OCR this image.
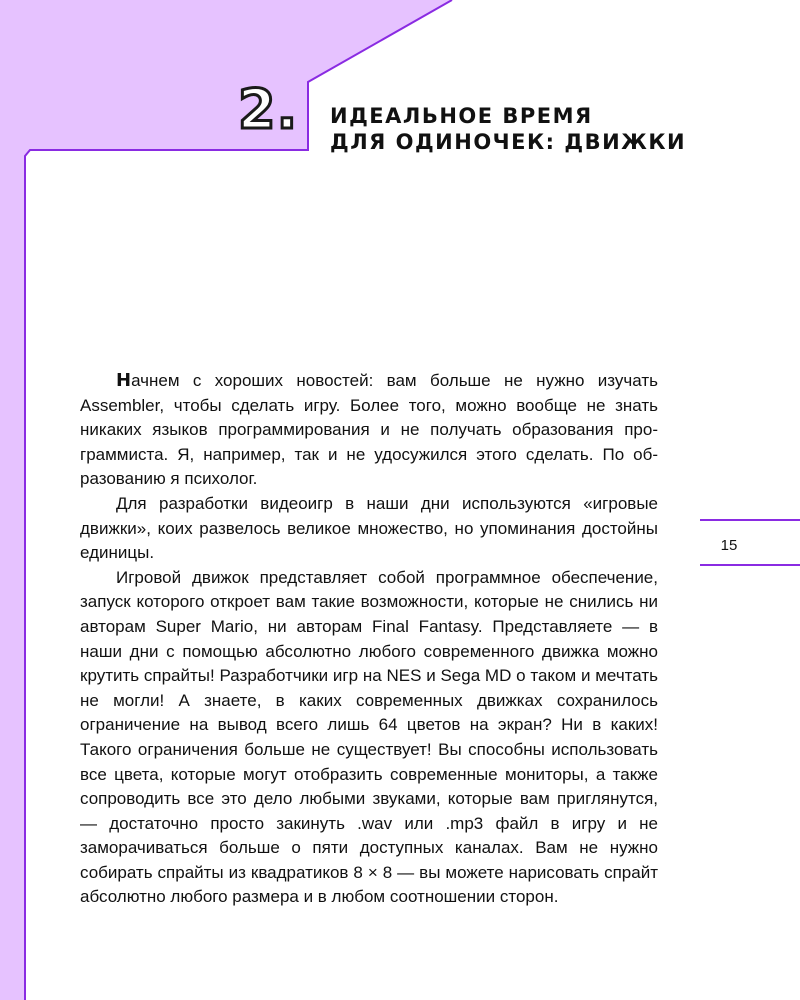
2. ИДЕАЛЬНОЕ ВРЕМЯ
ДЛЯ ОДИНОЧЕК: ДВИЖКИ
15

Начнем с хороших новостей: вам больше не нужно изучать Assembler, чтобы сделать игру. Более того, можно вообще не знать никаких языков программирования и не получать образования программиста. Я, например, так и не удосужился этого сделать. По образованию я психолог.

Для разработки видеоигр в наши дни используются «игровые движки», коих развелось великое множество, но упоминания достойны единицы.

Игровой движок представляет собой программное обеспечение, запуск которого откроет вам такие возможности, которые не снились ни авторам Super Mario, ни авторам Final Fantasy. Представляете — в наши дни с помощью абсолютно любого современного движка можно крутить спрайты! Разработчики игр на NES и Sega MD о таком и мечтать не могли! А знаете, в каких современных движках сохранилось ограничение на вывод всего лишь 64 цветов на экран? Ни в каких! Такого ограничения больше не существует! Вы способны использовать все цвета, которые могут отобразить современные мониторы, а также сопроводить все это дело любыми звуками, которые вам приглянутся, — достаточно просто закинуть .wav или .mp3 файл в игру и не заморачиваться больше о пяти доступных каналах. Вам не нужно собирать спрайты из квадратиков 8 × 8 — вы можете нарисовать спрайт абсолютно любого размера и в любом соотношении сторон.
